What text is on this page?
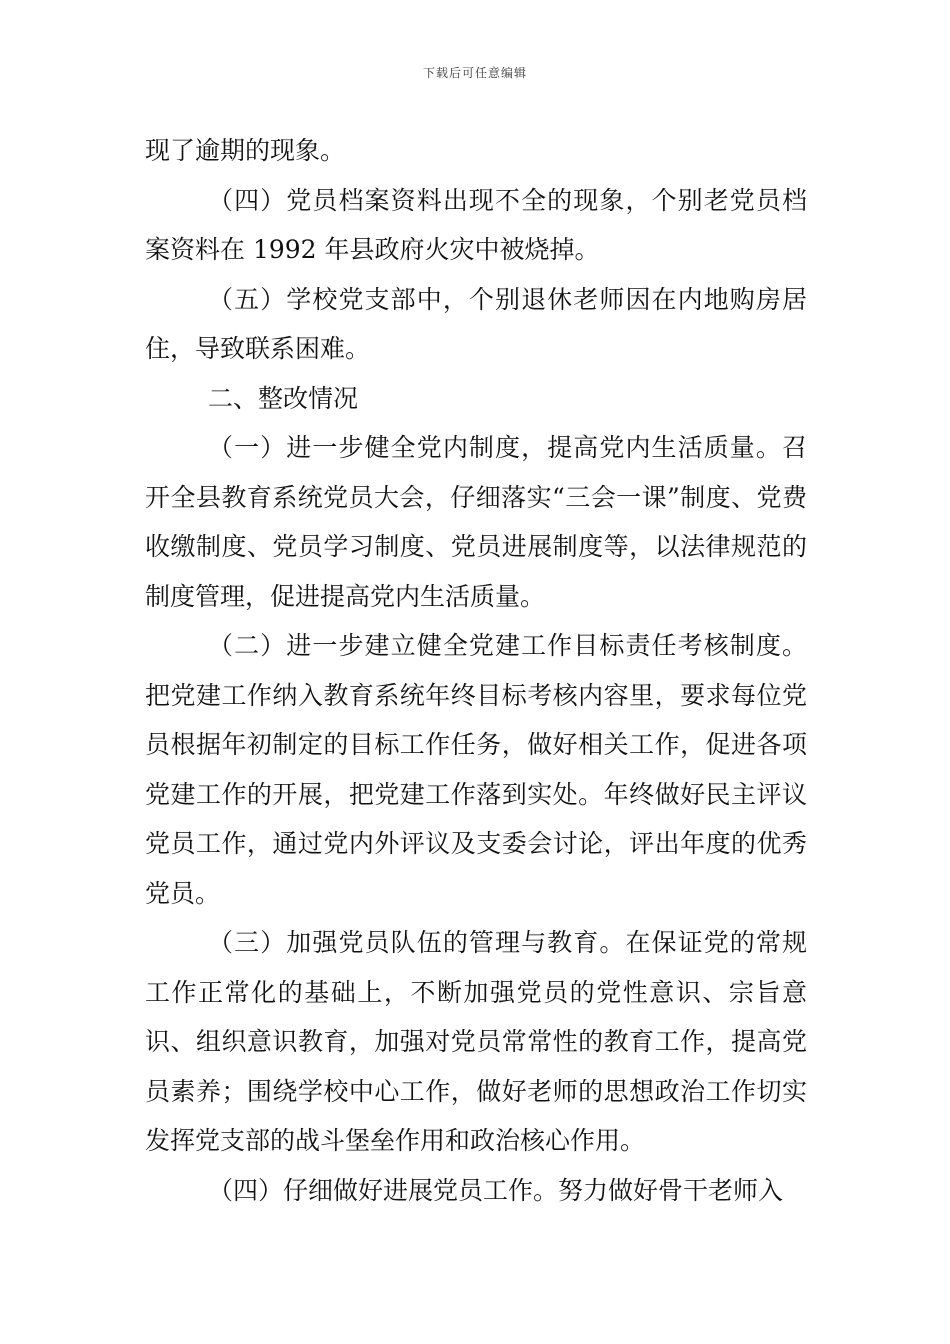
下载后可任意编辑

现了逾期的现象。

（四）党员档案资料出现不全的现象，个别老党员档案资料在 1992 年县政府火灾中被烧掉。

（五）学校党支部中，个别退休老师因在内地购房居住，导致联系困难。

二、整改情况

（一）进一步健全党内制度，提高党内生活质量。召开全县教育系统党员大会，仔细落实“三会一课”制度、党费收缴制度、党员学习制度、党员进展制度等，以法律规范的制度管理，促进提高党内生活质量。

（二）进一步建立健全党建工作目标责任考核制度。把党建工作纳入教育系统年终目标考核内容里，要求每位党员根据年初制定的目标工作任务，做好相关工作，促进各项党建工作的开展，把党建工作落到实处。年终做好民主评议党员工作，通过党内外评议及支委会讨论，评出年度的优秀党员。

（三）加强党员队伍的管理与教育。在保证党的常规工作正常化的基础上，不断加强党员的党性意识、宗旨意识、组织意识教育，加强对党员常常性的教育工作，提高党员素养；围绕学校中心工作，做好老师的思想政治工作切实发挥党支部的战斗堡垒作用和政治核心作用。

（四）仔细做好进展党员工作。努力做好骨干老师入
